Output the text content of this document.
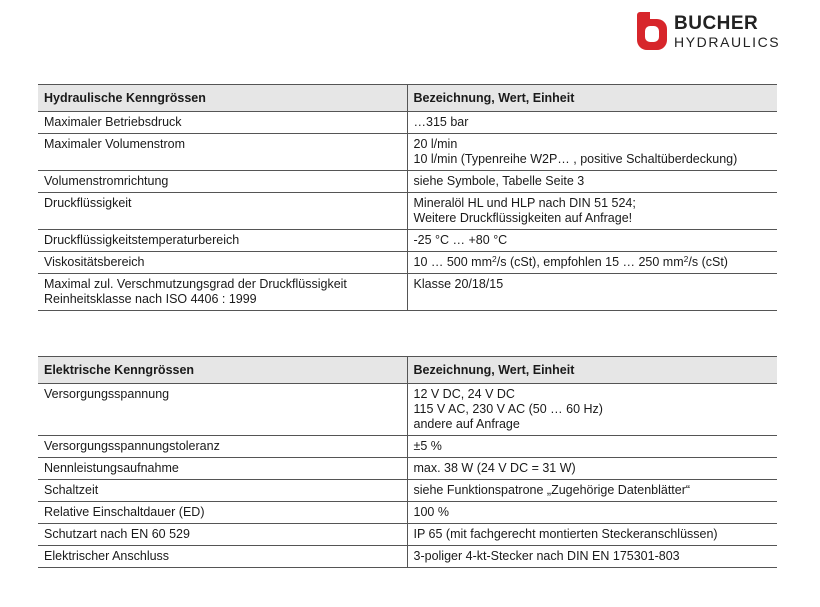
BUCHER
HYDRAULICS
Hydraulische Kenngrössen	Bezeichnung, Wert, Einheit

Maximaler Betriebsdruck	…315 bar

Maximaler Volumenstrom	20 l/min
10 l/min (Typenreihe W2P… , positive Schaltüberdeckung)

Volumenstromrichtung	siehe Symbole, Tabelle Seite 3

Druckflüssigkeit	Mineralöl HL und HLP nach DIN 51 524;
Weitere Druckflüssigkeiten auf Anfrage!

Druckflüssigkeitstemperaturbereich	-25 °C … +80 °C

Viskositätsbereich	10 … 500 $mm^2/s$ (cSt), empfohlen 15 … 250 $mm^2/s$ (cSt)

Maximal zul. Verschmutzungsgrad der Druckflüssigkeit
Reinheitsklasse nach ISO 4406 : 1999	Klasse 20/18/15
Elektrische Kenngrössen	Bezeichnung, Wert, Einheit

Versorgungsspannung	12 V DC, 24 V DC
115 V AC, 230 V AC (50 … 60 Hz)
andere auf Anfrage

Versorgungsspannungstoleranz	±5 %

Nennleistungsaufnahme	max. 38 W (24 V DC = 31 W)

Schaltzeit	siehe Funktionspatrone „Zugehörige Datenblätter“

Relative Einschaltdauer (ED)	100 %

Schutzart nach EN 60 529	IP 65 (mit fachgerecht montierten Steckeranschlüssen)

Elektrischer Anschluss	3-poliger 4-kt-Stecker nach DIN EN 175301-803
